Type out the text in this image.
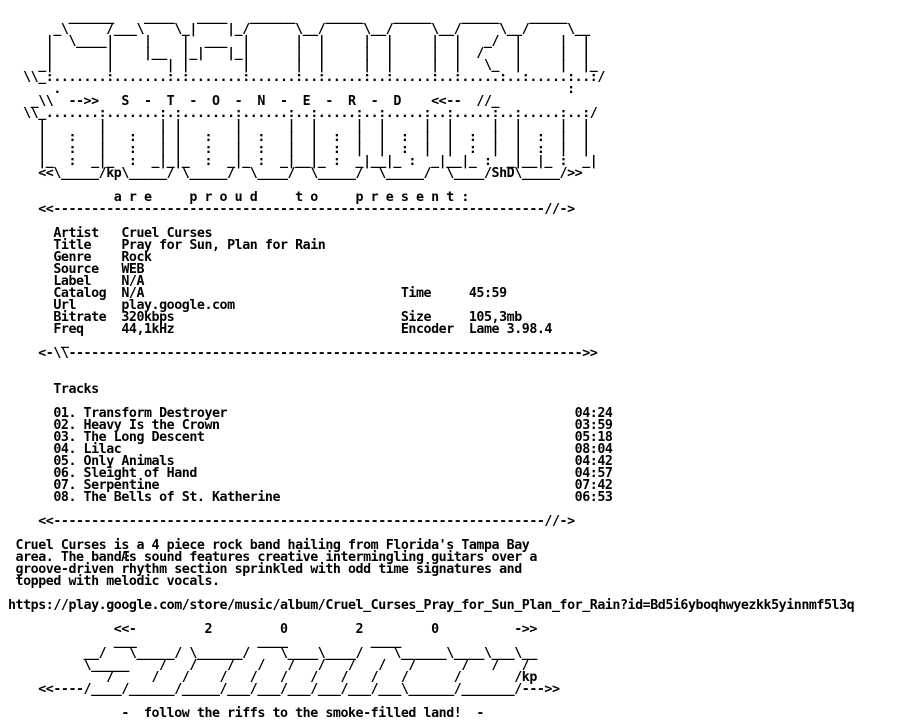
______    ____   ____   ______    _____    _____    _____    _____
_\     /___\    \_|    |_/      \__/     \__/     \__/     \__/     \__
|  \____|    |    |  ___  |      |  |     |  |     |  |   _/  |     |  |
|       |    |__  |_|   |_|      |  |     |  |     |  |  /    |     |  |
_|       |       | |       |      |  |     |  |     |  |   \_  |     |  |_
\\_:.......:.......:.:.......:......:..:.....:..:.....:..:.....:..:.....:..:/
.                                                                   :
_\\  -->>   S  -  T  -  O  -  N  -  E  -  R  -  D    <<--  //_
\\_.......:.......:.:.......:......:..:.....:..:.....:..:.....:..:.....:..:/
|       |       | |       |      |  |     |  |     |  |     |  |     |  |
|   :   |   :   | |   :   |  :   |  |  :  |  |  :  |  |  :  |  |  :  |  |
|   :   |   :   | |   :   |  :   |  |  :  |  |  :  |  |  :  |  |  :  |  |
|_  :  _|_  :  _|_|_  :  _|_ :  _|__|_ :  _|__|_ :  _|__|_ :  _|__|_ :  _|
<<\_____/kp\_____/ \_____/  \____/  \_____/  \_____/  \____/ShD\_____/>>
a r e     p r o u d     t o     p r e s e n t :
<<-----------------------------------------------------------------//->
Artist   Cruel Curses
Title    Pray for Sun, Plan for Rain
Genre    Rock
Source   WEB
Label    N/A
Catalog  N/A                                  Time     45:59
Url      play.google.com
Bitrate  320kbps                              Size     105,3mb
Freq     44,1kHz                              Encoder  Lame 3.98.4
_
<-\\-------------------------------------------------------------------->>
Tracks
01. Transform Destroyer                                              04:24
02. Heavy Is the Crown                                               03:59
03. The Long Descent                                                 05:18
04. Lilac                                                            08:04
05. Only Animals                                                     04:42
06. Sleight of Hand                                                  04:57
07. Serpentine                                                       07:42
08. The Bells of St. Katherine                                       06:53
<<-----------------------------------------------------------------//->
Cruel Curses is a 4 piece rock band hailing from Florida's Tampa Bay
area. The bandÆs sound features creative intermingling guitars over a
groove-driven rhythm section sprinkled with odd time signatures and
topped with melodic vocals.
https://play.google.com/store/music/album/Cruel_Curses_Pray_for_Sun_Plan_for_Rain?id=Bd5i6yboqhwyezkk5yinnmf5l3q
<<-         2         0         2         0          ->>
___                ____           ____
__/   \_____/ \______/    \____\____/    \______\____\___\__
\_____    /   /    /   /   /   /   /   /   /      /   /   /
/     /   /    /   /   /   /   /   /   /      /       /kp
<<----/____/______/_____/___/___/___/___/___/___\______/_______/--->>
-  follow the riffs to the smoke-filled land!  -
